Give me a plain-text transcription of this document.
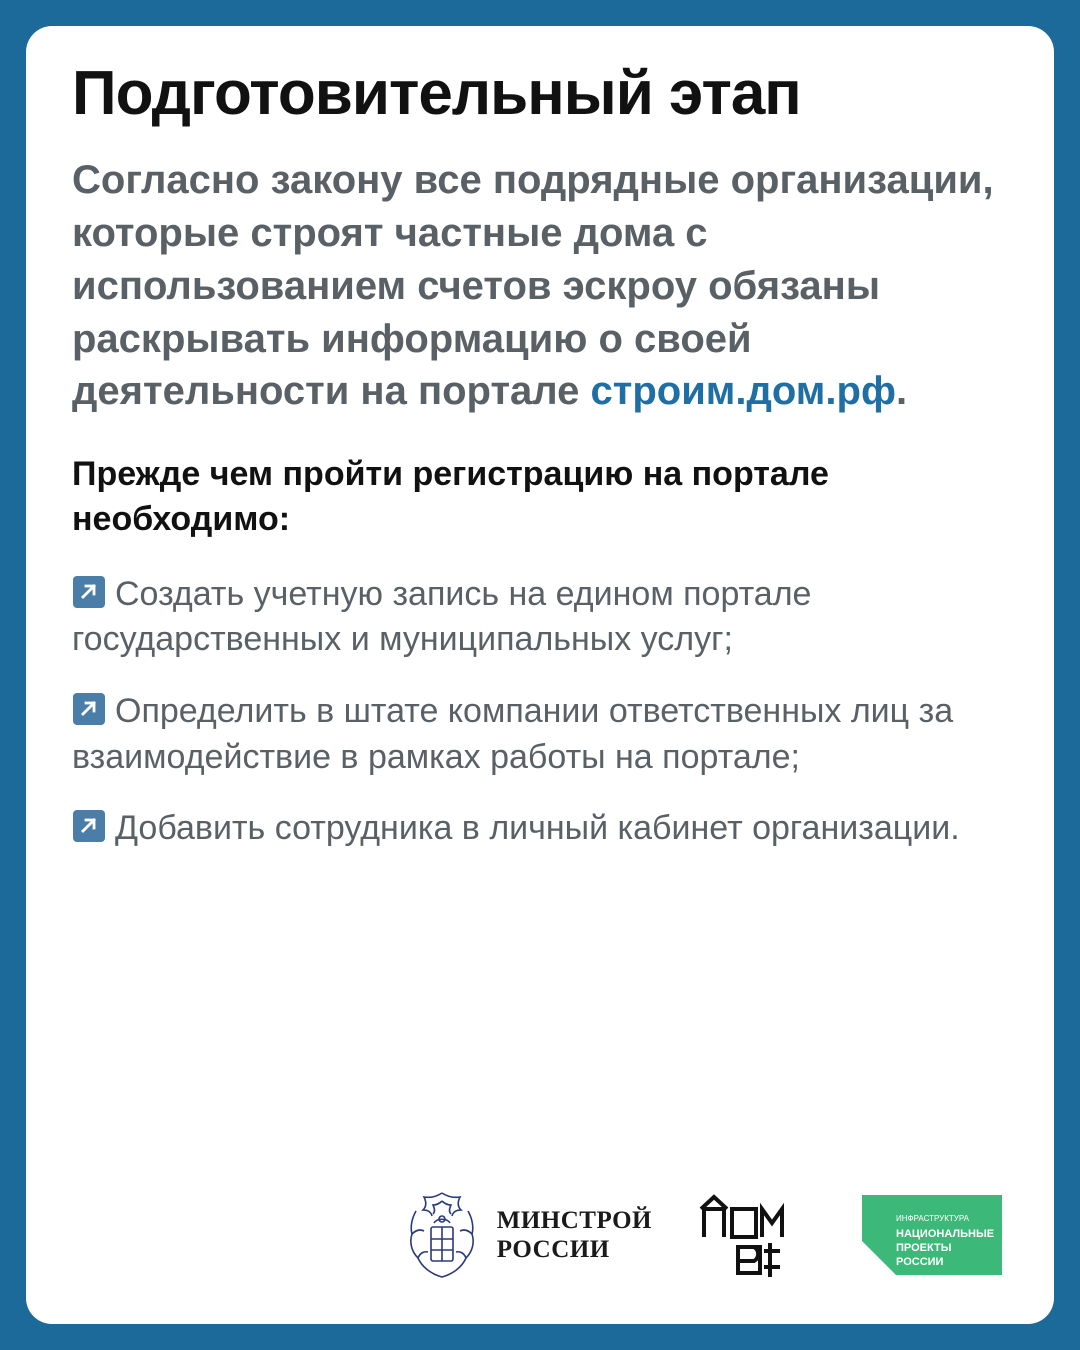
Подготовительный этап

Согласно закону все подрядные организации, которые строят частные дома с использованием счетов эскроу обязаны раскрывать информацию о своей деятельности на портале строим.дом.рф.

Прежде чем пройти регистрацию на портале необходимо:

Создать учетную запись на едином портале государственных и муниципальных услуг;
Определить в штате компании ответственных лиц за взаимодействие в рамках работы на портале;
Добавить сотрудника в личный кабинет организации.
МИНСТРОЙ
РОССИИ
ИНФРАСТРУКТУРА
НАЦИОНАЛЬНЫЕ
ПРОЕКТЫ
РОССИИ
